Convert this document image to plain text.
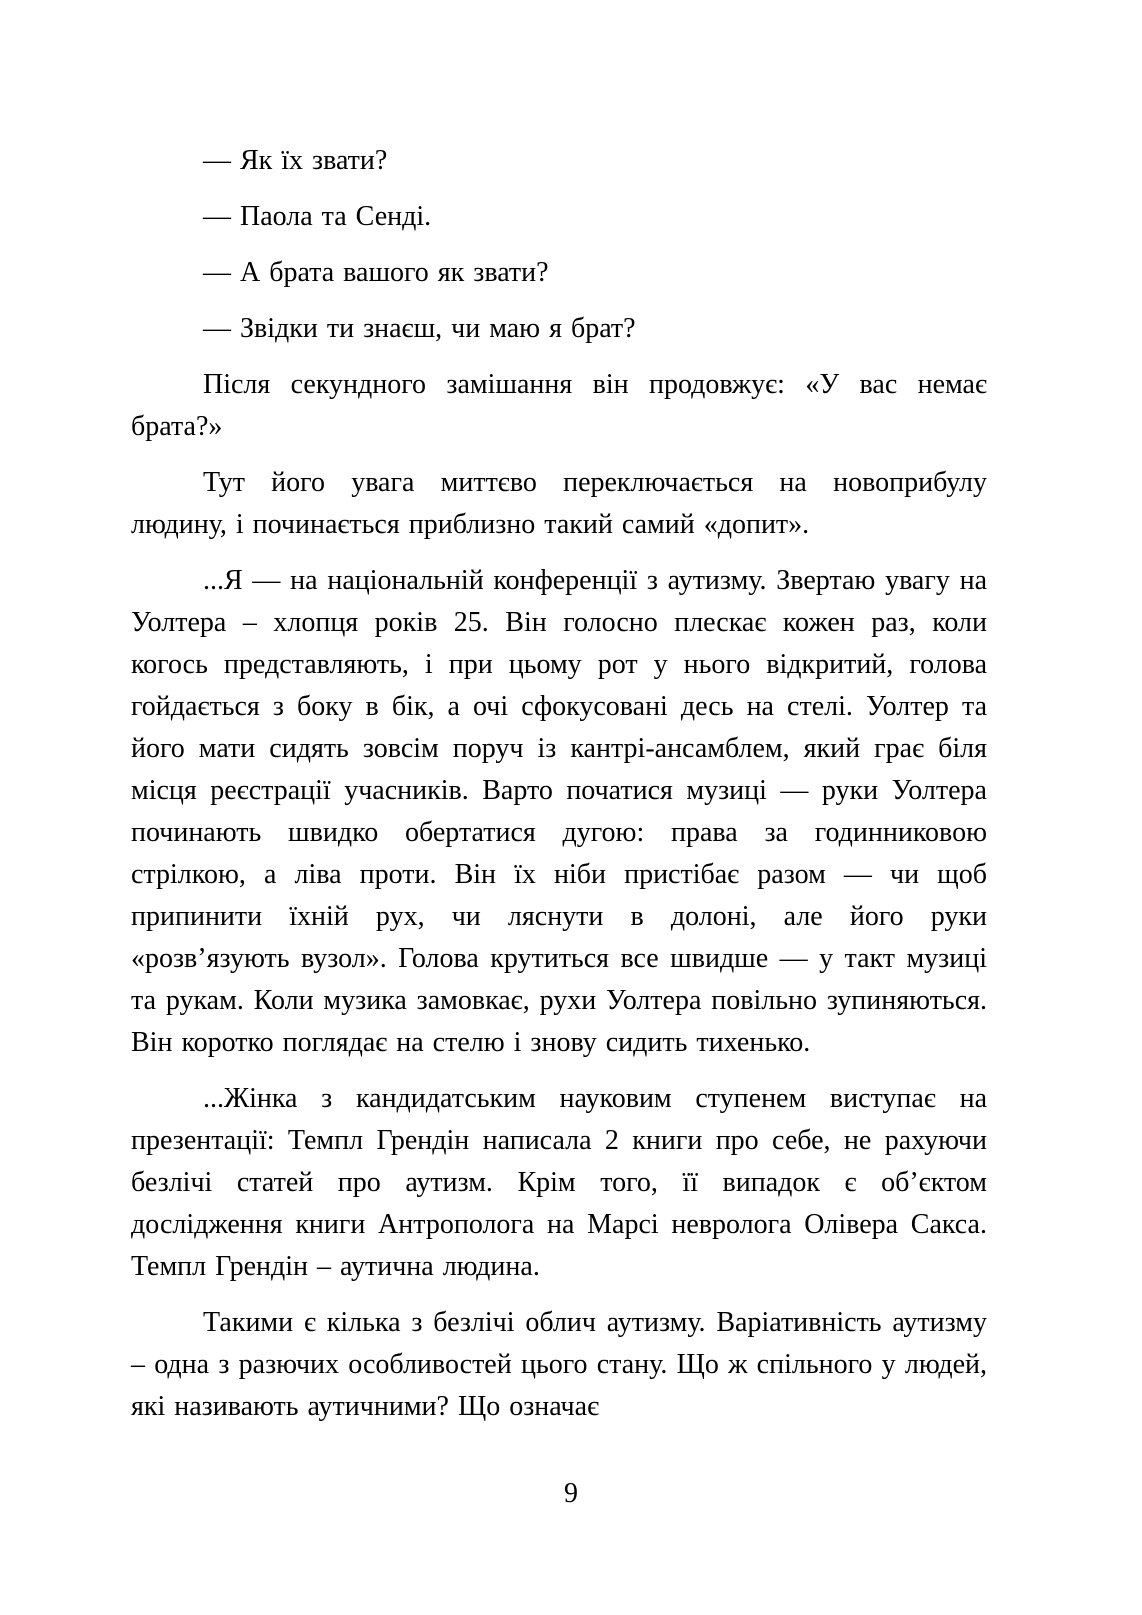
— Як їх звати?

— Паола та Сенді.

— А брата вашого як звати?

— Звідки ти знаєш, чи маю я брат?

Після секундного замішання він продовжує: «У вас немає брата?»

Тут його увага миттєво переключається на новоприбулу людину, і починається приблизно такий самий «допит».

...Я — на національній конференції з аутизму. Звертаю увагу на Уолтера – хлопця років 25. Він голосно плескає кожен раз, коли когось представляють, і при цьому рот у нього відкритий, голова гойдається з боку в бік, а очі сфокусовані десь на стелі. Уолтер та його мати сидять зовсім поруч із кантрі-ансамблем, який грає біля місця реєстрації учасників. Варто початися музиці — руки Уолтера починають швидко обертатися дугою: права за годинниковою стрілкою, а ліва проти. Він їх ніби пристібає разом — чи щоб припинити їхній рух, чи ляснути в долоні, але його руки «розв’язують вузол». Голова крутиться все швидше — у такт музиці та рукам. Коли музика замовкає, рухи Уолтера повільно зупиняються. Він коротко поглядає на стелю і знову сидить тихенько.

...Жінка з кандидатським науковим ступенем виступає на презентації: Темпл Грендін написала 2 книги про себе, не рахуючи безлічі статей про аутизм. Крім того, її випадок є об’єктом дослідження книги Антрополога на Марсі невролога Олівера Сакса. Темпл Грендін – аутична людина.

Такими є кілька з безлічі облич аутизму. Варіативність аутизму – одна з разючих особливостей цього стану. Що ж спільного у людей, які називають аутичними? Що означає

9
